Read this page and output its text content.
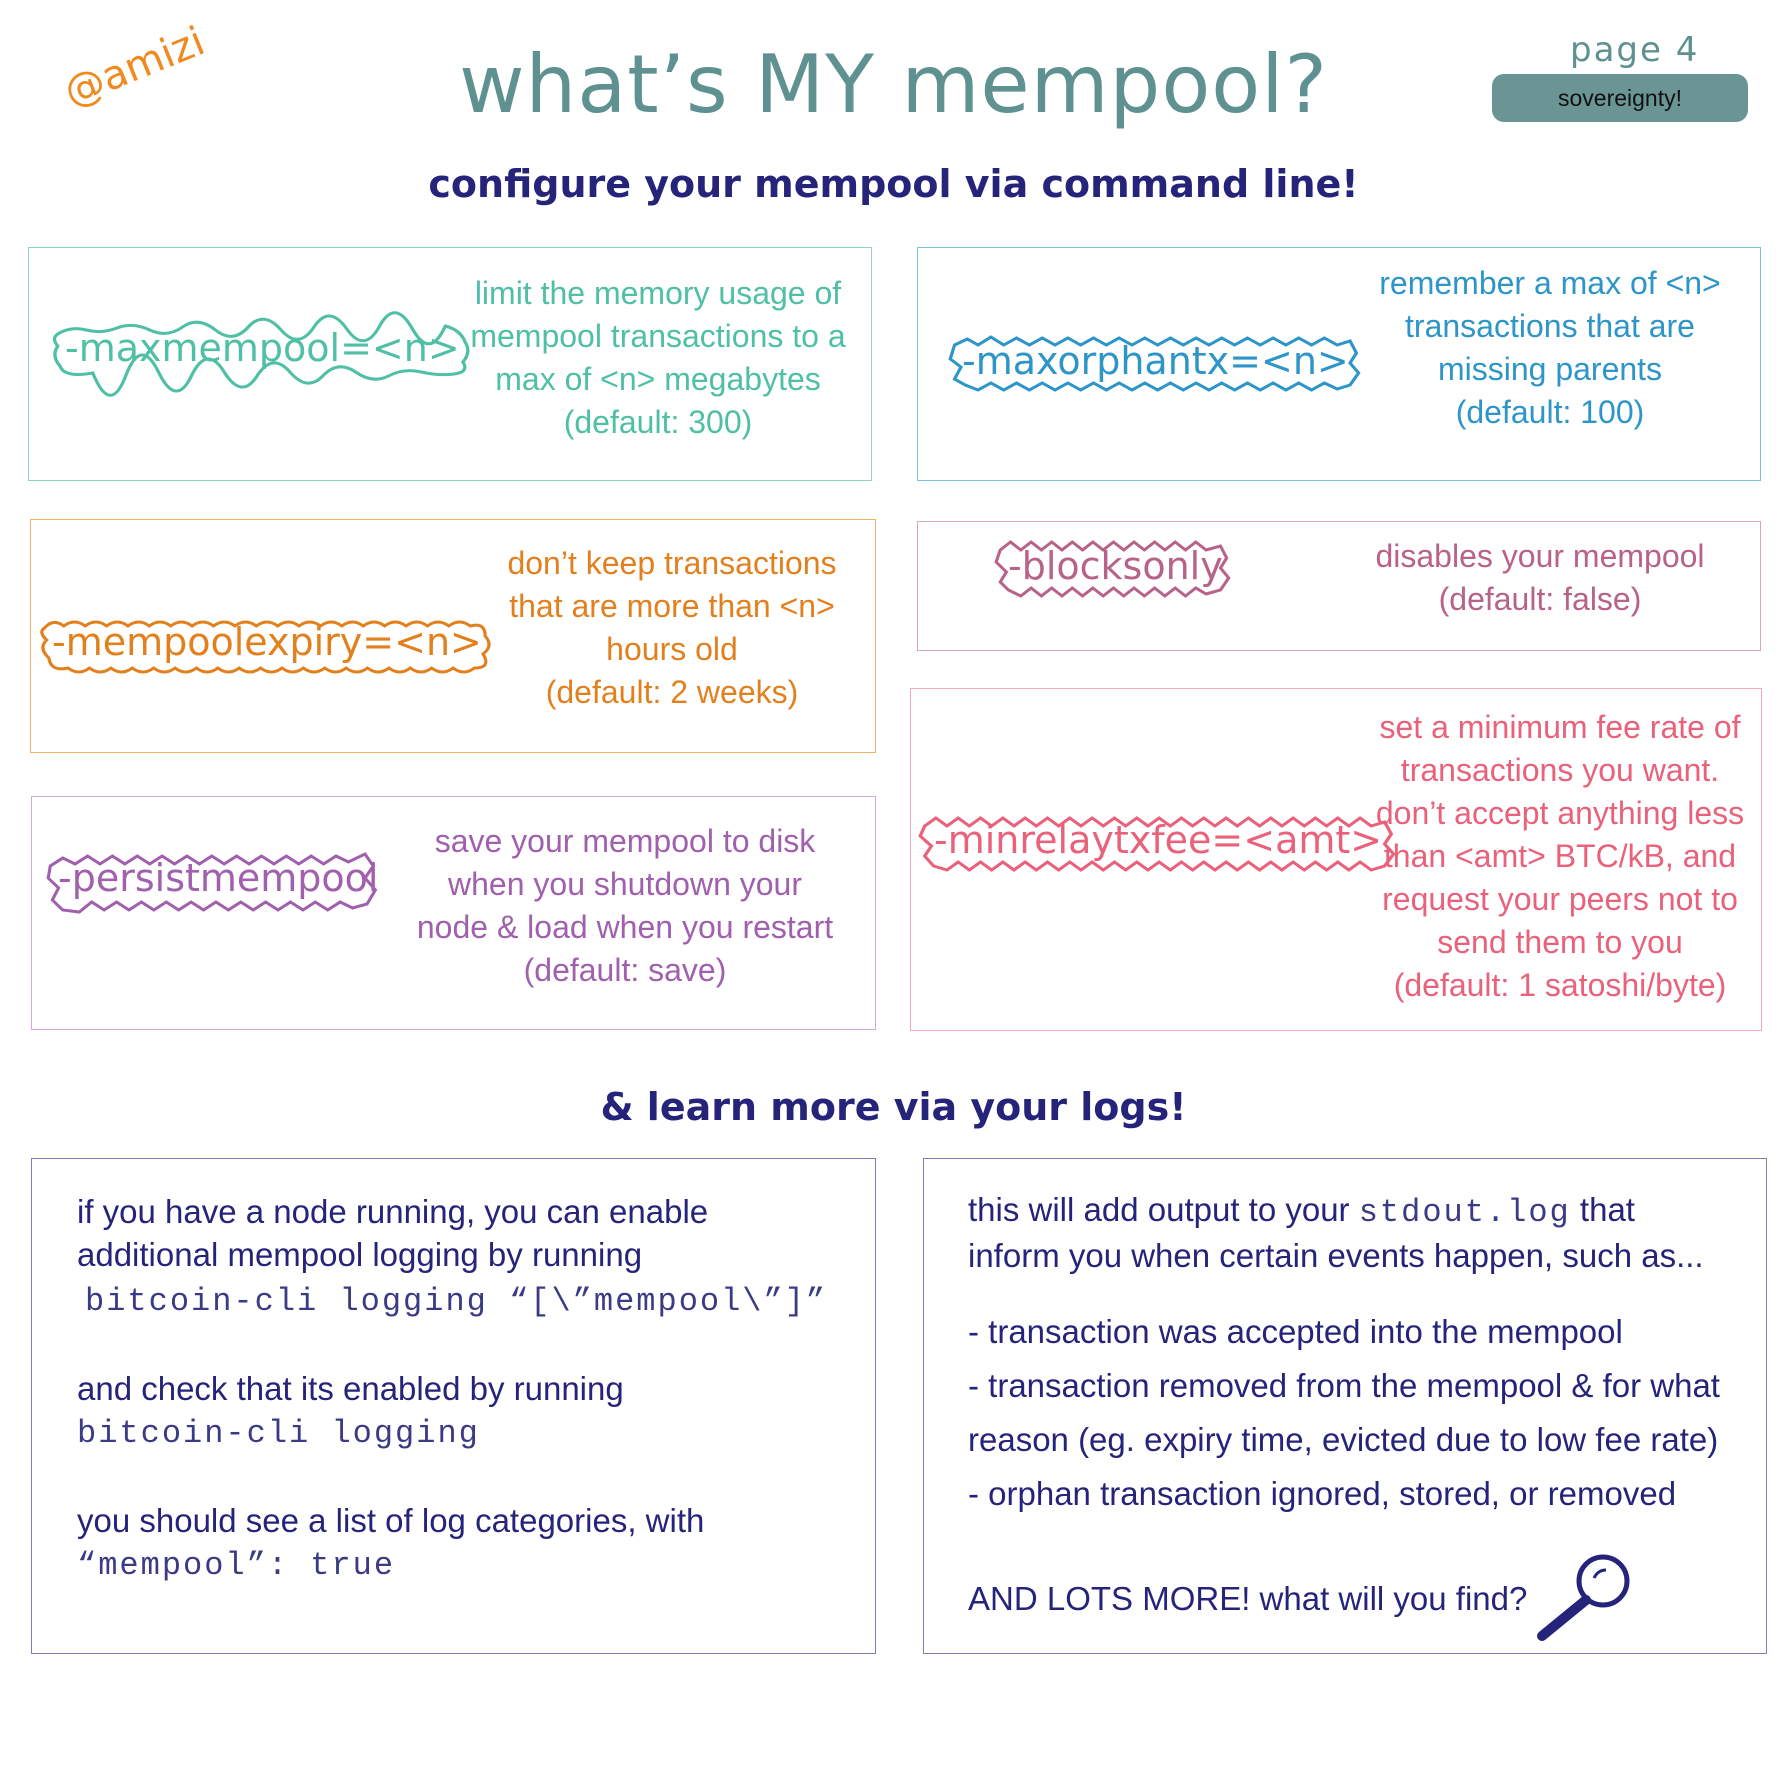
@amizi	what’s MY mempool?	page 4
sovereignty!
configure your mempool via command line!
-maxmempool=<n>
limit the memory usage of
mempool transactions to a
max of <n> megabytes
(default: 300)
-maxorphantx=<n>
remember a max of <n>
transactions that are
missing parents
(default: 100)
-mempoolexpiry=<n>
don’t keep transactions
that are more than <n>
hours old
(default: 2 weeks)
-blocksonly	disables your mempool
(default: false)
-persistmempool
save your mempool to disk
when you shutdown your
node & load when you restart
(default: save)
-minrelaytxfee=<amt>
set a minimum fee rate of
transactions you want.
don’t accept anything less
than <amt> BTC/kB, and
request your peers not to
send them to you
(default: 1 satoshi/byte)
& learn more via your logs!
if you have a node running, you can enable
additional mempool logging by running
bitcoin-cli logging “[\”mempool\”]”
and check that its enabled by running
bitcoin-cli logging
you should see a list of log categories, with
“mempool”: true
this will add output to your stdout.log that
inform you when certain events happen, such as...
- transaction was accepted into the mempool
- transaction removed from the mempool & for what
reason (eg. expiry time, evicted due to low fee rate)
- orphan transaction ignored, stored, or removed
AND LOTS MORE! what will you find?
